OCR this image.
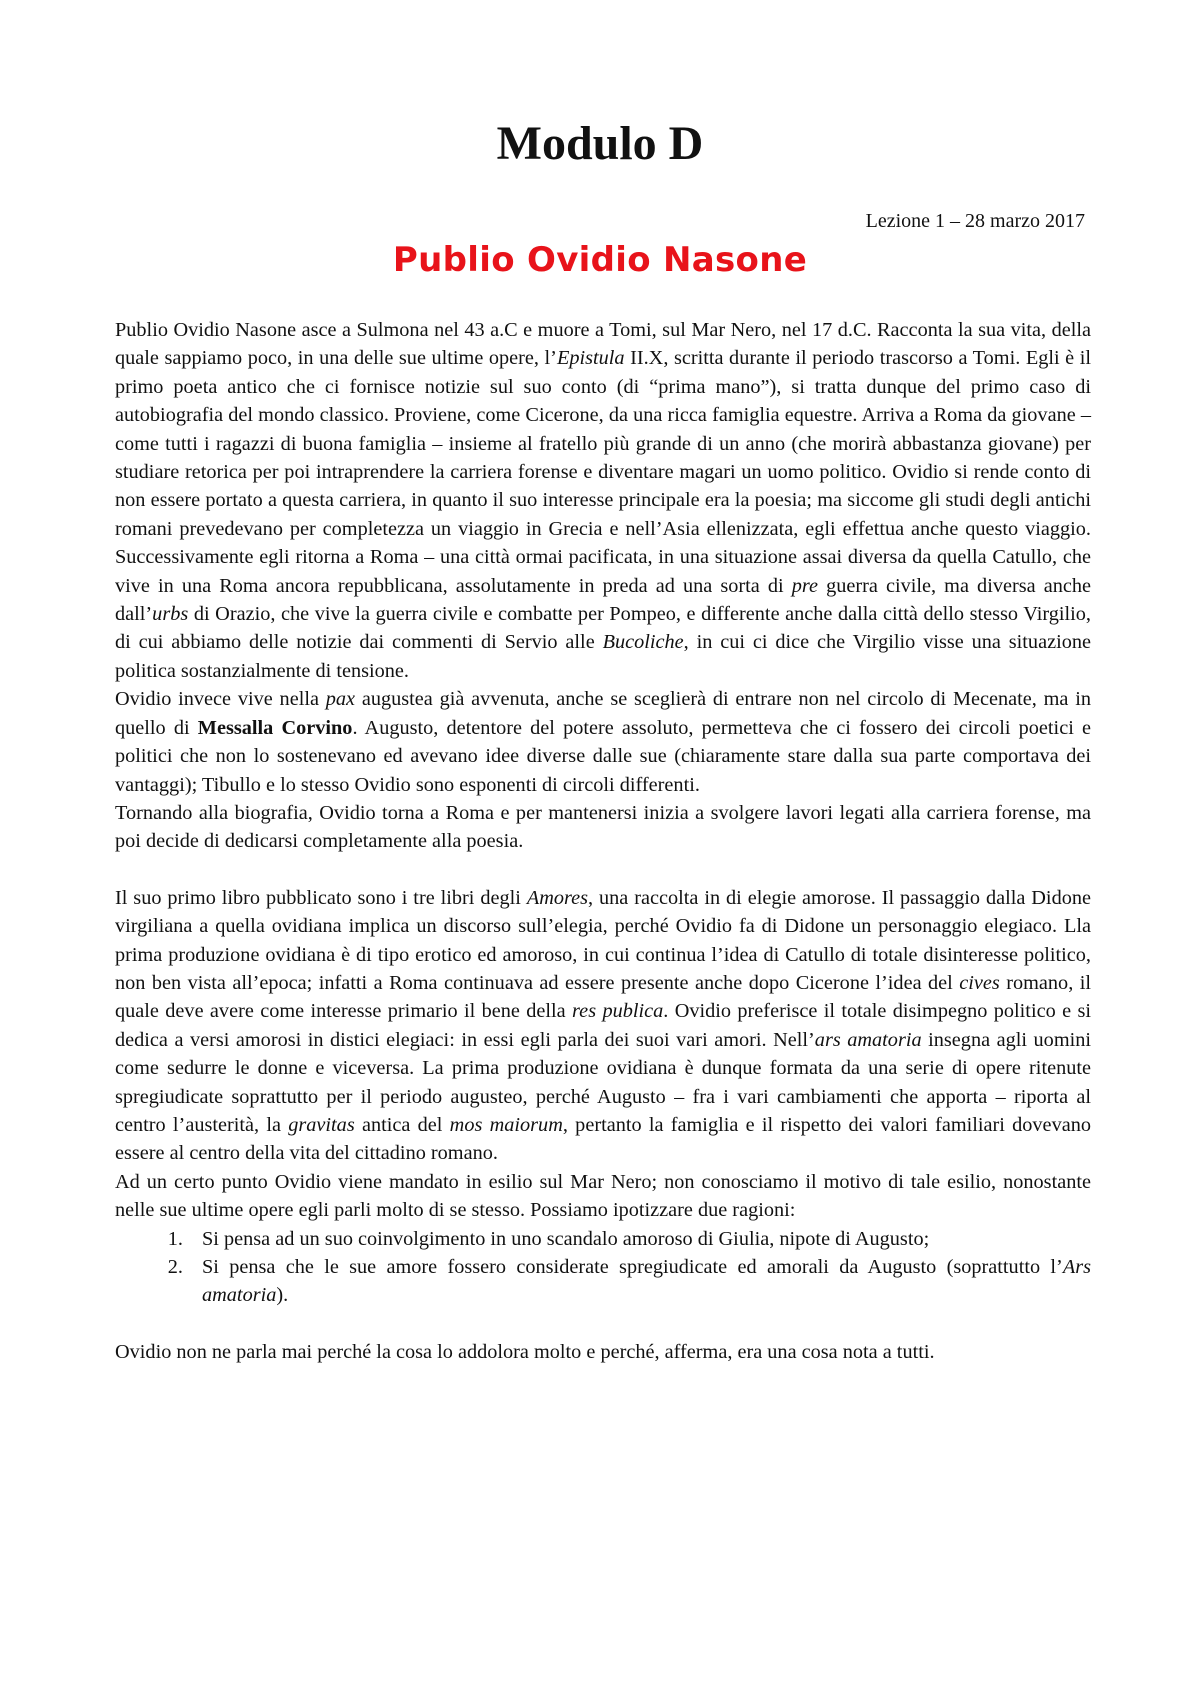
Modulo D

Lezione 1 – 28 marzo 2017

Publio Ovidio Nasone

Publio Ovidio Nasone asce a Sulmona nel 43 a.C e muore a Tomi, sul Mar Nero, nel 17 d.C. Racconta la sua vita, della quale sappiamo poco, in una delle sue ultime opere, l’Epistula II.X, scritta durante il periodo trascorso a Tomi. Egli è il primo poeta antico che ci fornisce notizie sul suo conto (di “prima mano”), si tratta dunque del primo caso di autobiografia del mondo classico. Proviene, come Cicerone, da una ricca famiglia equestre. Arriva a Roma da giovane – come tutti i ragazzi di buona famiglia – insieme al fratello più grande di un anno (che morirà abbastanza giovane) per studiare retorica per poi intraprendere la carriera forense e diventare magari un uomo politico. Ovidio si rende conto di non essere portato a questa carriera, in quanto il suo interesse principale era la poesia; ma siccome gli studi degli antichi romani prevedevano per completezza un viaggio in Grecia e nell’Asia ellenizzata, egli effettua anche questo viaggio. Successivamente egli ritorna a Roma – una città ormai pacificata, in una situazione assai diversa da quella Catullo, che vive in una Roma ancora repubblicana, assolutamente in preda ad una sorta di pre guerra civile, ma diversa anche dall’urbs di Orazio, che vive la guerra civile e combatte per Pompeo, e differente anche dalla città dello stesso Virgilio, di cui abbiamo delle notizie dai commenti di Servio alle Bucoliche, in cui ci dice che Virgilio visse una situazione politica sostanzialmente di tensione.

Ovidio invece vive nella pax augustea già avvenuta, anche se sceglierà di entrare non nel circolo di Mecenate, ma in quello di Messalla Corvino. Augusto, detentore del potere assoluto, permetteva che ci fossero dei circoli poetici e politici che non lo sostenevano ed avevano idee diverse dalle sue (chiaramente stare dalla sua parte comportava dei vantaggi); Tibullo e lo stesso Ovidio sono esponenti di circoli differenti.

Tornando alla biografia, Ovidio torna a Roma e per mantenersi inizia a svolgere lavori legati alla carriera forense, ma poi decide di dedicarsi completamente alla poesia.

Il suo primo libro pubblicato sono i tre libri degli Amores, una raccolta in di elegie amorose. Il passaggio dalla Didone virgiliana a quella ovidiana implica un discorso sull’elegia, perché Ovidio fa di Didone un personaggio elegiaco. Lla prima produzione ovidiana è di tipo erotico ed amoroso, in cui continua l’idea di Catullo di totale disinteresse politico, non ben vista all’epoca; infatti a Roma continuava ad essere presente anche dopo Cicerone l’idea del cives romano, il quale deve avere come interesse primario il bene della res publica. Ovidio preferisce il totale disimpegno politico e si dedica a versi amorosi in distici elegiaci: in essi egli parla dei suoi vari amori. Nell’ars amatoria insegna agli uomini come sedurre le donne e viceversa. La prima produzione ovidiana è dunque formata da una serie di opere ritenute spregiudicate soprattutto per il periodo augusteo, perché Augusto – fra i vari cambiamenti che apporta – riporta al centro l’austerità, la gravitas antica del mos maiorum, pertanto la famiglia e il rispetto dei valori familiari dovevano essere al centro della vita del cittadino romano.

Ad un certo punto Ovidio viene mandato in esilio sul Mar Nero; non conosciamo il motivo di tale esilio, nonostante nelle sue ultime opere egli parli molto di se stesso. Possiamo ipotizzare due ragioni:

1. Si pensa ad un suo coinvolgimento in uno scandalo amoroso di Giulia, nipote di Augusto;
2. Si pensa che le sue amore fossero considerate spregiudicate ed amorali da Augusto (soprattutto l’Ars amatoria).

Ovidio non ne parla mai perché la cosa lo addolora molto e perché, afferma, era una cosa nota a tutti.
